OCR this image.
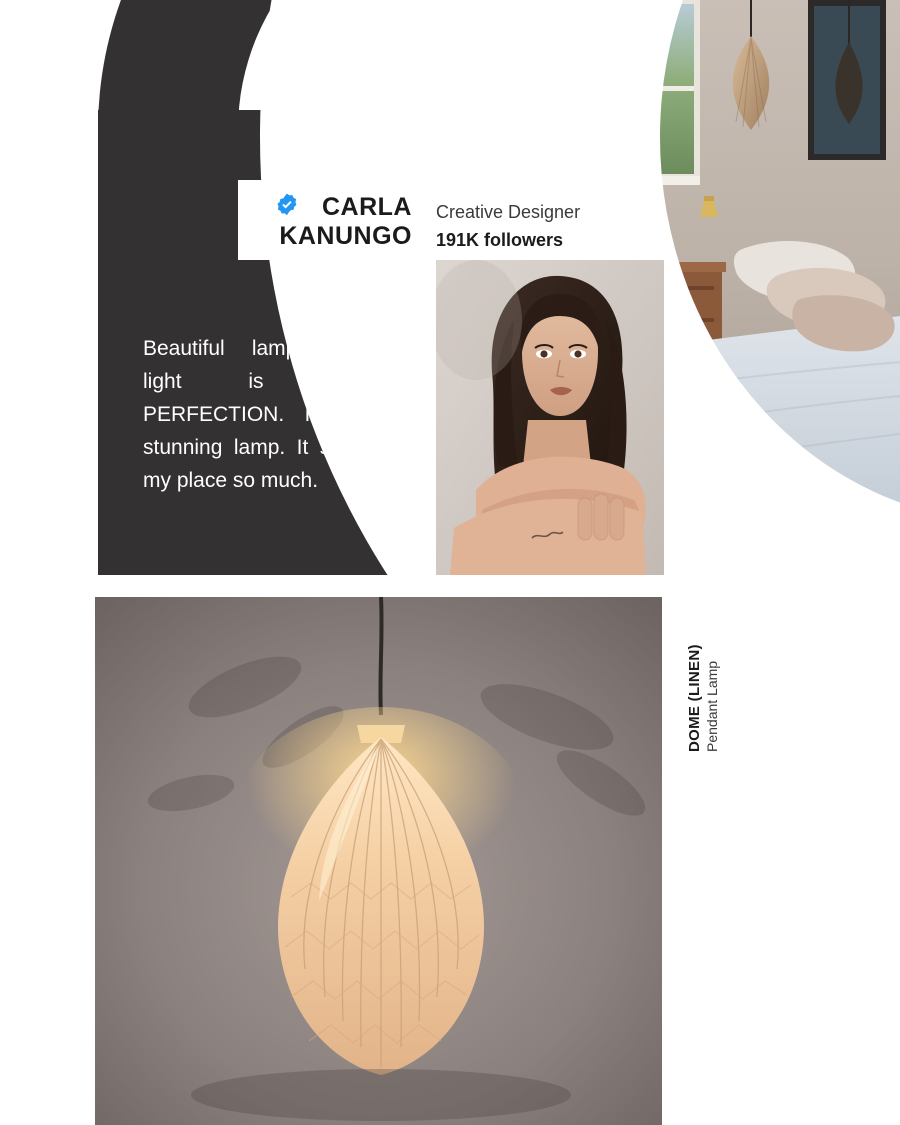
CARLA
KANUNGO
Creative Designer
191K followers
Beautiful lamp, this light is just PERFECTION. It’s a stunning lamp. It suits my place so much.
DOME (LINEN) Pendant Lamp
